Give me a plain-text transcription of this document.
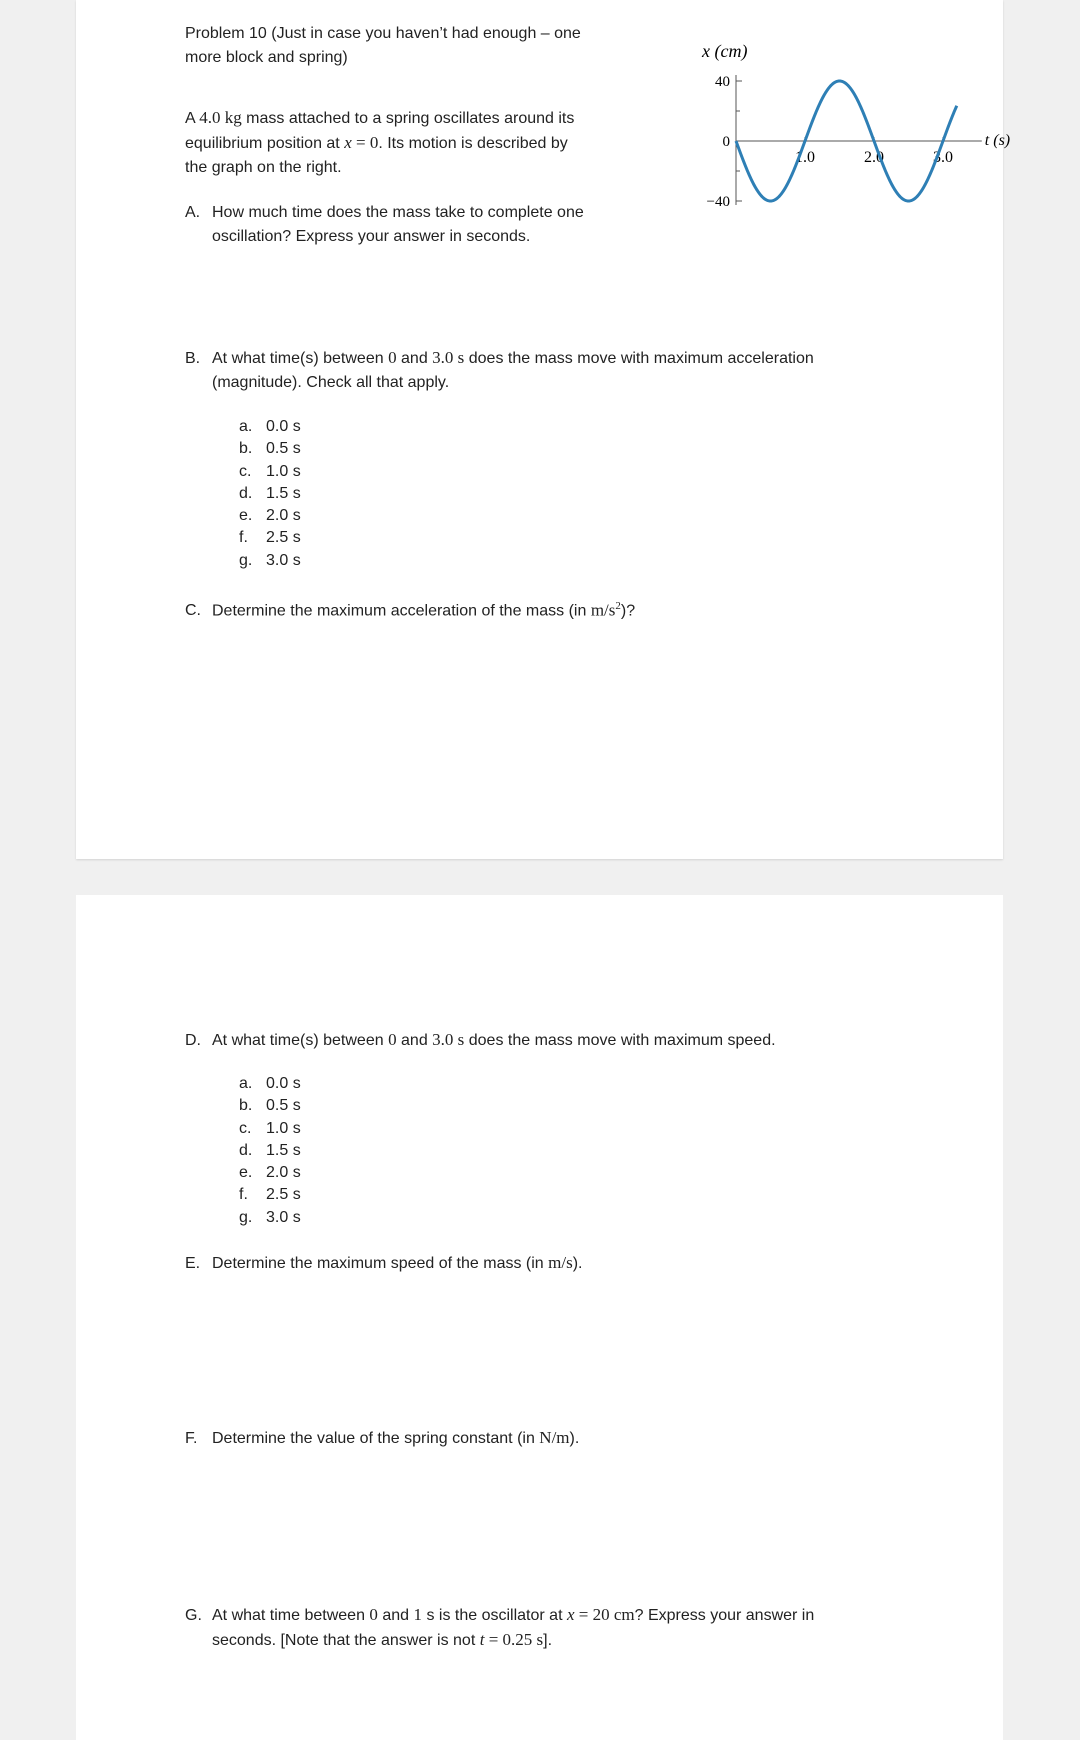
Problem 10 (Just in case you haven’t had enough – one
more block and spring)

A 4.0 kg mass attached to a spring oscillates around its
equilibrium position at x = 0. Its motion is described by
the graph on the right.

x (cm)
40
0
−40
1.0	2.0	3.0
t (s)

A. How much time does the mass take to complete one
oscillation? Express your answer in seconds.

B. At what time(s) between 0 and 3.0 s does the mass move with maximum acceleration
(magnitude). Check all that apply.

a. 0.0 s
b. 0.5 s
c. 1.0 s
d. 1.5 s
e. 2.0 s
f. 2.5 s
g. 3.0 s

C. Determine the maximum acceleration of the mass (in $m/s^2$)?

D. At what time(s) between 0 and 3.0 s does the mass move with maximum speed.

a. 0.0 s
b. 0.5 s
c. 1.0 s
d. 1.5 s
e. 2.0 s
f. 2.5 s
g. 3.0 s

E. Determine the maximum speed of the mass (in m/s).

F. Determine the value of the spring constant (in N/m).

G. At what time between 0 and 1 s is the oscillator at x = 20 cm? Express your answer in
seconds. [Note that the answer is not t = 0.25 s].
